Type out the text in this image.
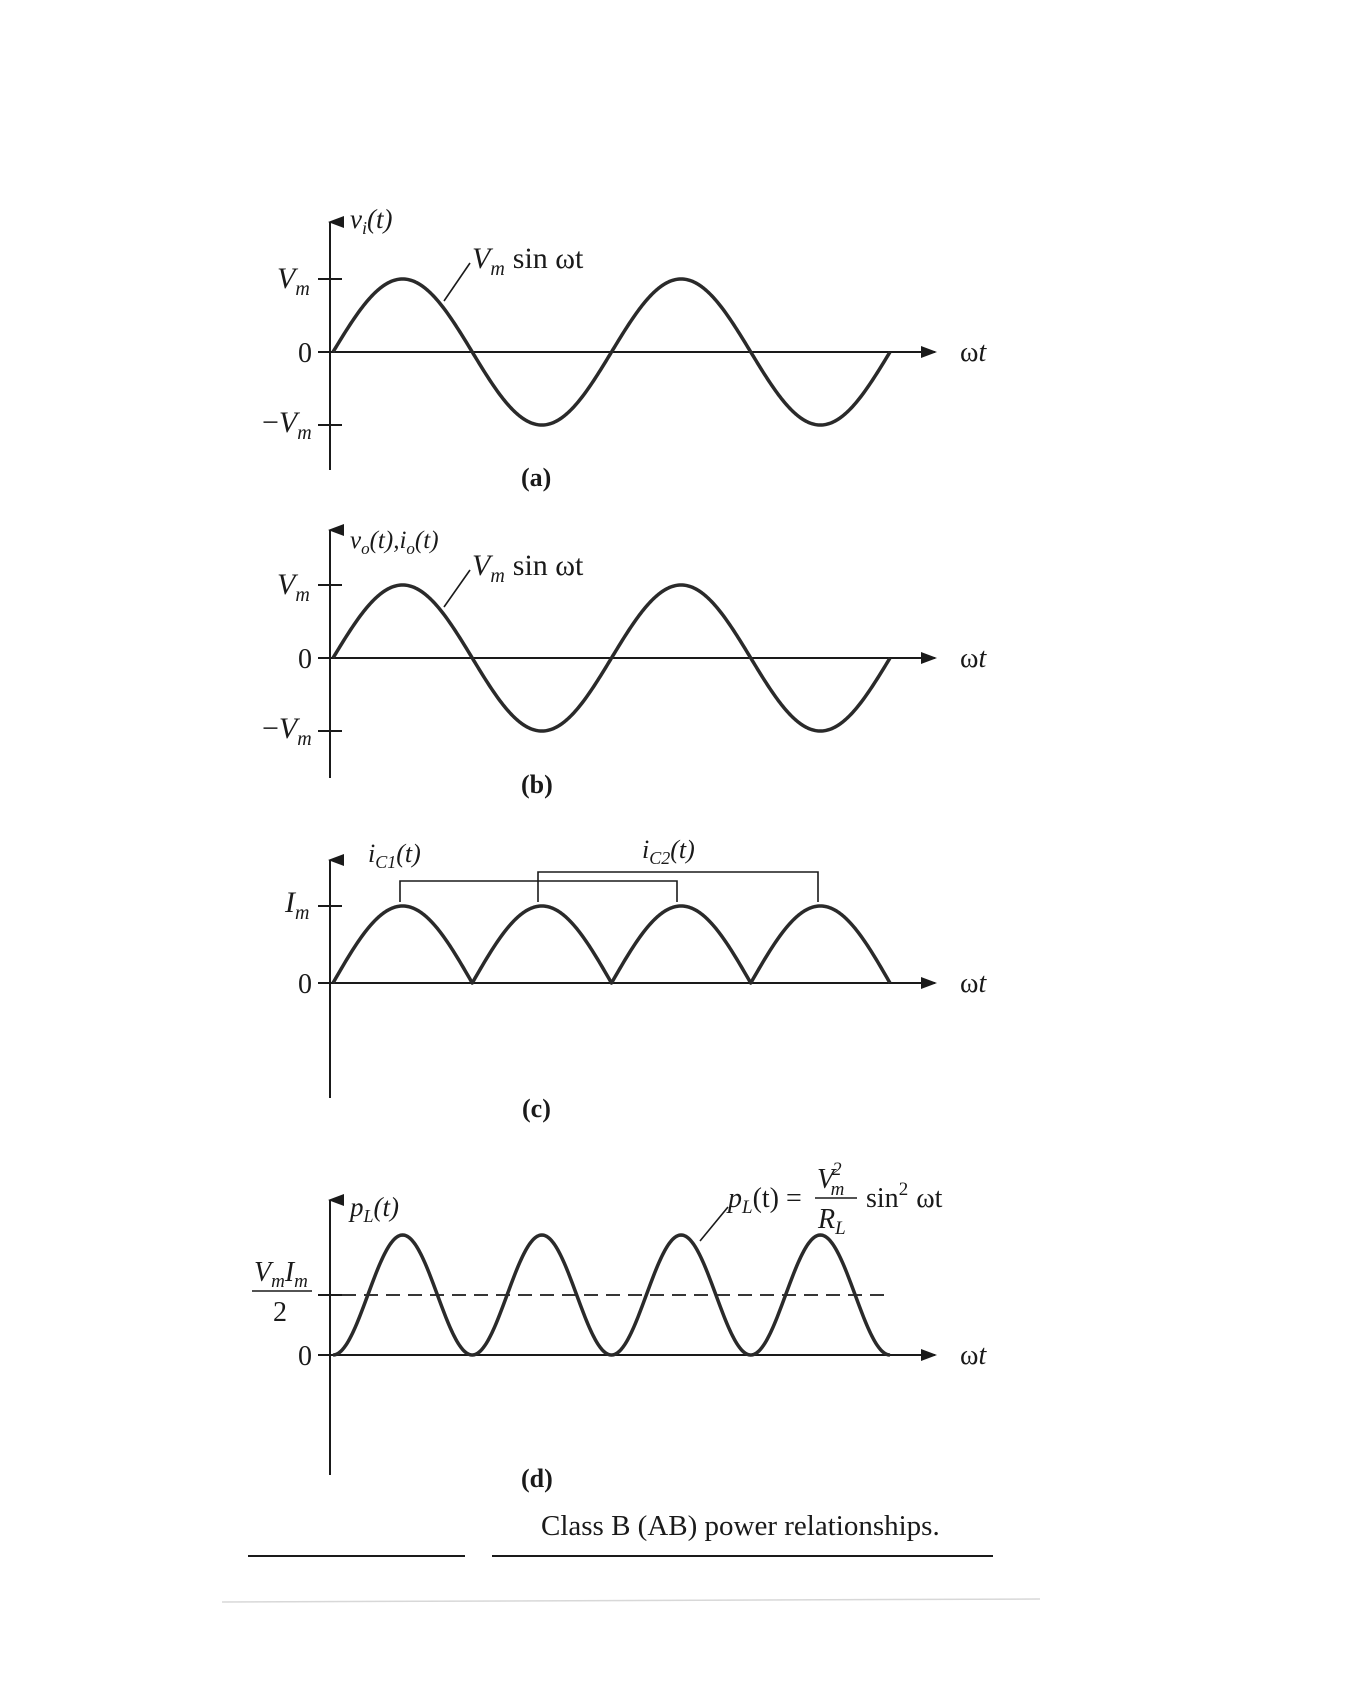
$v_i(t)$
$V_m$
0
$-V_m$
$V_m$ sin ωt
ωt
(a)
$v_o(t),i_o(t)$
$V_m$
0
$-V_m$
$V_m$ sin ωt
ωt
(b)
$I_m$
0
$i_{C1}(t)$	$i_{C2}(t)$
ωt
(c)
$p_L(t)$
$V_mI_m$
2
0
$p_L(t)$ =
V2 m
$R_L$
$\sin^2 \omega t$
ωt
(d)
Class B (AB) power relationships.
